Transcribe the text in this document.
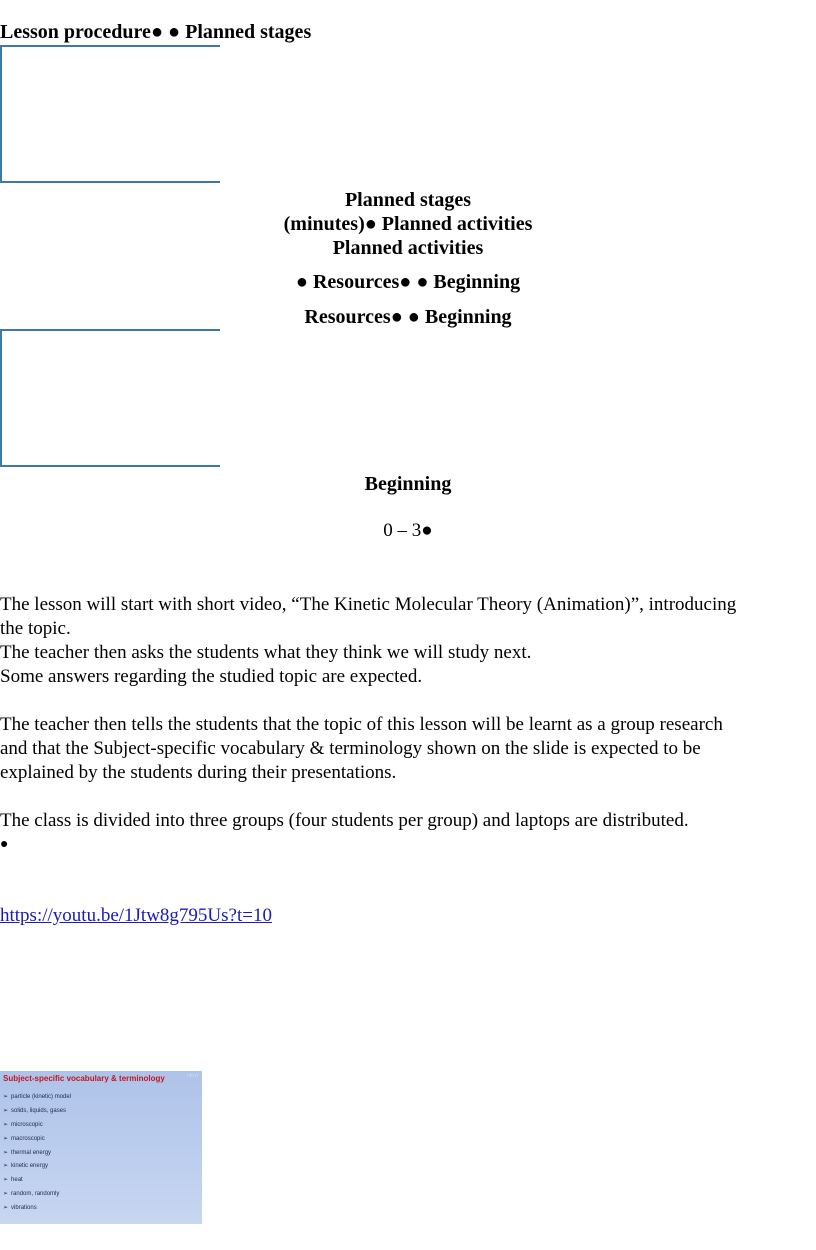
Lesson procedure● ● Planned stages
Planned stages
(minutes)● Planned activities
Planned activities
● Resources● ● Beginning
Resources● ● Beginning
Beginning
0 – 3●

The lesson will start with short video, “The Kinetic Molecular Theory (Animation)”, introducing

the topic.

The teacher then asks the students what they think we will study next.

Some answers regarding the studied topic are expected.

The teacher then tells the students that the topic of this lesson will be learnt as a group research

and that the Subject-specific vocabulary & terminology shown on the slide is expected to be

explained by the students during their presentations.

The class is divided into three groups (four students per group) and laptops are distributed.

●

https://youtu.be/1Jtw8g795Us?t=10
Subject-specific vocabulary & terminology	□□ □
➢ particle (kinetic) model
➢ solids, liquids, gases
➢ microscopic
➢ macroscopic
➢ thermal energy
➢ kinetic energy
➢ heat
➢ random, randomly
➢ vibrations
